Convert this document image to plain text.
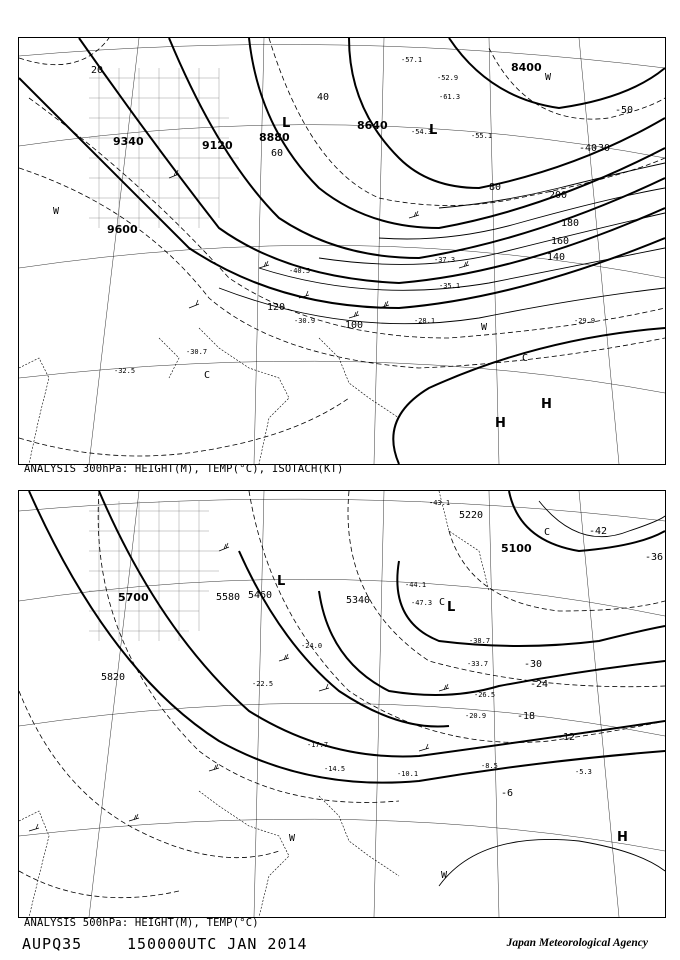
9340	9120
8880
8640
8400
9600
20
40
60
80
100
120
140
160
180
200
-30
-40
-50
-52.9
-55.1
-54.3
-61.3
-57.1
-37.3
-28.1	-29.9
-30.7
-30.9
-32.5
-35.1
-40.5
L	L
W
W
C
C
H
H
W
ANALYSIS 300hPa: HEIGHT(M), TEMP(°C), ISOTACH(KT)
5700	5580 5460	5340
5220
5100
5820
-42
-36
-30
-24
-18
-12
-6
-43.1
-44.1
-47.3
-38.7
-33.7
-26.5
-20.9
-8.5
-5.3
-10.1
-14.5
-17.7
-22.5
-24.0
L
L
C
C
W
W
H
ANALYSIS 500hPa: HEIGHT(M), TEMP(°C)
AUPQ35	150000UTC JAN 2014	Japan Meteorological Agency
